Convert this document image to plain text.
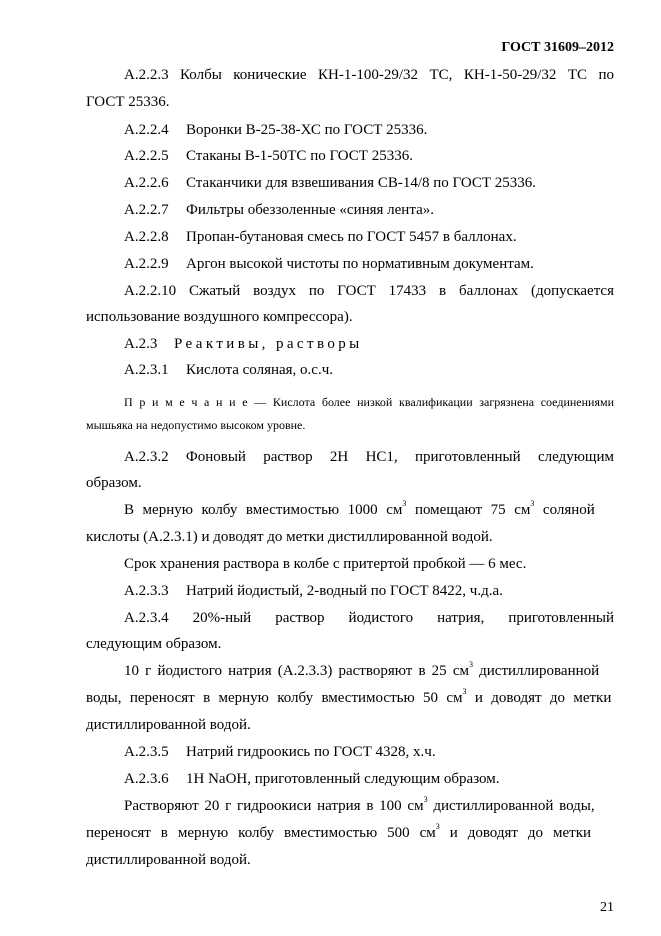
ГОСТ 31609–2012
А.2.2.3 Колбы конические КН-1-100-29/32 ТС, КН-1-50-29/32 ТС по
ГОСТ 25336.
А.2.2.4 Воронки В-25-38-ХС по ГОСТ 25336.
А.2.2.5 Стаканы В-1-50ТС по ГОСТ 25336.
А.2.2.6 Стаканчики для взвешивания СВ-14/8 по ГОСТ 25336.
А.2.2.7 Фильтры обеззоленные «синяя лента».
А.2.2.8 Пропан-бутановая смесь по ГОСТ 5457 в баллонах.
А.2.2.9 Аргон высокой чистоты по нормативным документам.
А.2.2.10 Сжатый воздух по ГОСТ 17433 в баллонах (допускается
использование воздушного компрессора).
А.2.3 Реактивы, растворы
А.2.3.1 Кислота соляная, о.с.ч.
П р и м е ч а н и е — Кислота более низкой квалификации загрязнена соединениями
мышьяка на недопустимо высоком уровне.
А.2.3.2 Фоновый раствор 2Н НС1, приготовленный следующим
образом.
В мерную колбу вместимостью 1000 $см^3$ помещают 75 $см^3$ соляной
кислоты (А.2.3.1) и доводят до метки дистиллированной водой.
Срок хранения раствора в колбе с притертой пробкой — 6 мес.
А.2.3.3 Натрий йодистый, 2-водный по ГОСТ 8422, ч.д.а.
А.2.3.4 20%-ный раствор йодистого натрия, приготовленный
следующим образом.
10 г йодистого натрия (А.2.3.3) растворяют в 25 $см^3$ дистиллированной
воды, переносят в мерную колбу вместимостью 50 $см^3$ и доводят до метки
дистиллированной водой.
А.2.3.5 Натрий гидроокись по ГОСТ 4328, х.ч.
А.2.3.6 1Н NaOH, приготовленный следующим образом.
Растворяют 20 г гидроокиси натрия в 100 $см^3$ дистиллированной воды,
переносят в мерную колбу вместимостью 500 $см^3$ и доводят до метки
дистиллированной водой.
21
